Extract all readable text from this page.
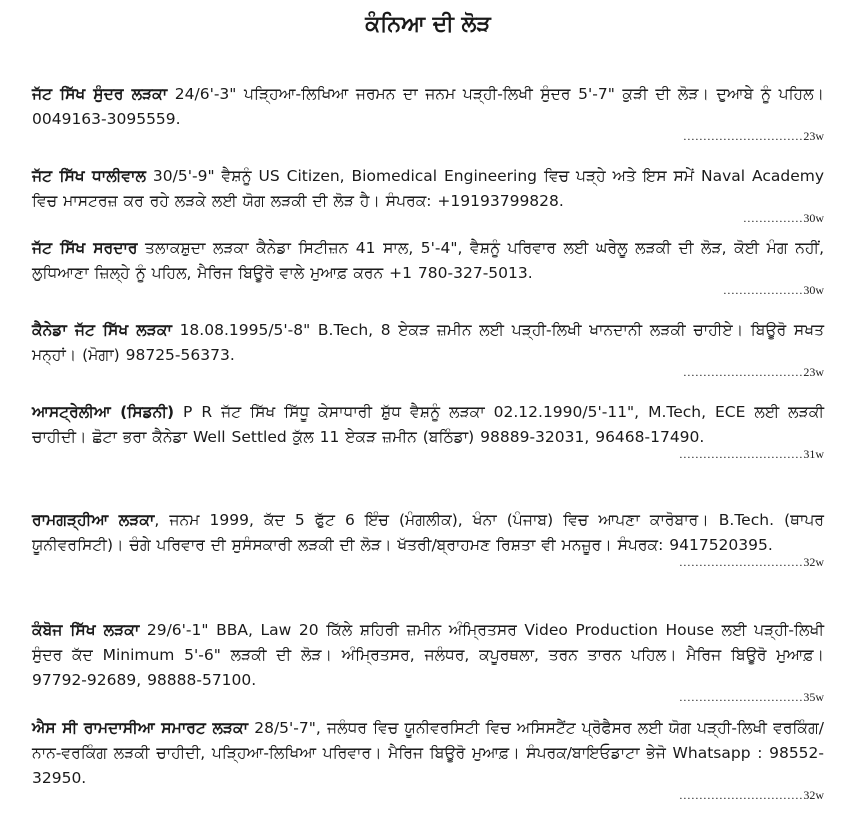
ਕੰਨਿਆ ਦੀ ਲੋੜ
ਜੱਟ ਸਿੱਖ ਸੁੰਦਰ ਲੜਕਾ 24/6'-3" ਪੜ੍ਹਿਆ-ਲਿਖਿਆ ਜਰਮਨ ਦਾ ਜਨਮ ਪੜ੍ਹੀ-ਲਿਖੀ ਸੁੰਦਰ 5'-7" ਕੁੜੀ ਦੀ ਲੋੜ। ਦੁਆਬੇ ਨੂੰ ਪਹਿਲ। 0049163-3095559.
..............................23w
ਜੱਟ ਸਿੱਖ ਧਾਲੀਵਾਲ 30/5'-9" ਵੈਸ਼ਨੂੰ US Citizen, Biomedical Engineering ਵਿਚ ਪੜ੍ਹੇ ਅਤੇ ਇਸ ਸਮੇਂ Naval Academy ਵਿਚ ਮਾਸਟਰਜ਼ ਕਰ ਰਹੇ ਲੜਕੇ ਲਈ ਯੋਗ ਲੜਕੀ ਦੀ ਲੋੜ ਹੈ। ਸੰਪਰਕ: +19193799828.
...............30w
ਜੱਟ ਸਿੱਖ ਸਰਦਾਰ ਤਲਾਕਸ਼ੁਦਾ ਲੜਕਾ ਕੈਨੇਡਾ ਸਿਟੀਜ਼ਨ 41 ਸਾਲ, 5'-4", ਵੈਸ਼ਨੂੰ ਪਰਿਵਾਰ ਲਈ ਘਰੇਲੂ ਲੜਕੀ ਦੀ ਲੋੜ, ਕੋਈ ਮੰਗ ਨਹੀਂ, ਲੁਧਿਆਣਾ ਜ਼ਿਲ੍ਹੇ ਨੂੰ ਪਹਿਲ, ਮੈਰਿਜ ਬਿਊਰੋ ਵਾਲੇ ਮੁਆਫ਼ ਕਰਨ +1 780-327-5013.
....................30w
ਕੈਨੇਡਾ ਜੱਟ ਸਿੱਖ ਲੜਕਾ 18.08.1995/5'-8" B.Tech, 8 ਏਕੜ ਜ਼ਮੀਨ ਲਈ ਪੜ੍ਹੀ-ਲਿਖੀ ਖਾਨਦਾਨੀ ਲੜਕੀ ਚਾਹੀਏ। ਬਿਊਰੋ ਸਖਤ ਮਨ੍ਹਾਂ। (ਮੋਗਾ) 98725-56373.
..............................23w
ਆਸਟ੍ਰੇਲੀਆ (ਸਿਡਨੀ) P R ਜੱਟ ਸਿੱਖ ਸਿੱਧੂ ਕੇਸਾਧਾਰੀ ਸ਼ੁੱਧ ਵੈਸ਼ਨੂੰ ਲੜਕਾ 02.12.1990/5'-11", M.Tech, ECE ਲਈ ਲੜਕੀ ਚਾਹੀਦੀ। ਛੋਟਾ ਭਰਾ ਕੈਨੇਡਾ Well Settled ਕੁੱਲ 11 ਏਕੜ ਜ਼ਮੀਨ (ਬਠਿੰਡਾ) 98889-32031, 96468-17490.
...............................31w
ਰਾਮਗੜ੍ਹੀਆ ਲੜਕਾ, ਜਨਮ 1999, ਕੱਦ 5 ਫੁੱਟ 6 ਇੰਚ (ਮੰਗਲੀਕ), ਖੰਨਾ (ਪੰਜਾਬ) ਵਿਚ ਆਪਣਾ ਕਾਰੋਬਾਰ। B.Tech. (ਥਾਪਰ ਯੂਨੀਵਰਸਿਟੀ)। ਚੰਗੇ ਪਰਿਵਾਰ ਦੀ ਸੁਸੰਸਕਾਰੀ ਲੜਕੀ ਦੀ ਲੋੜ। ਖੱਤਰੀ/ਬ੍ਰਾਹਮਣ ਰਿਸ਼ਤਾ ਵੀ ਮਨਜ਼ੂਰ। ਸੰਪਰਕ: 9417520395.
...............................32w
ਕੰਬੋਜ ਸਿੱਖ ਲੜਕਾ 29/6'-1" BBA, Law 20 ਕਿੱਲੇ ਸ਼ਹਿਰੀ ਜ਼ਮੀਨ ਅੰਮ੍ਰਿਤਸਰ Video Production House ਲਈ ਪੜ੍ਹੀ-ਲਿਖੀ ਸੁੰਦਰ ਕੱਦ Minimum 5'-6" ਲੜਕੀ ਦੀ ਲੋੜ। ਅੰਮ੍ਰਿਤਸਰ, ਜਲੰਧਰ, ਕਪੂਰਥਲਾ, ਤਰਨ ਤਾਰਨ ਪਹਿਲ। ਮੈਰਿਜ ਬਿਊਰੋ ਮੁਆਫ਼। 97792-92689, 98888-57100.
...............................35w
ਐਸ ਸੀ ਰਾਮਦਾਸੀਆ ਸਮਾਰਟ ਲੜਕਾ 28/5'-7", ਜਲੰਧਰ ਵਿਚ ਯੂਨੀਵਰਸਿਟੀ ਵਿਚ ਅਸਿਸਟੈਂਟ ਪ੍ਰੋਫੈਸਰ ਲਈ ਯੋਗ ਪੜ੍ਹੀ-ਲਿਖੀ ਵਰਕਿੰਗ/ਨਾਨ-ਵਰਕਿੰਗ ਲੜਕੀ ਚਾਹੀਦੀ, ਪੜ੍ਹਿਆ-ਲਿਖਿਆ ਪਰਿਵਾਰ। ਮੈਰਿਜ ਬਿਊਰੋ ਮੁਆਫ਼। ਸੰਪਰਕ/ਬਾਇਓਡਾਟਾ ਭੇਜੋ Whatsapp : 98552-32950.
...............................32w
